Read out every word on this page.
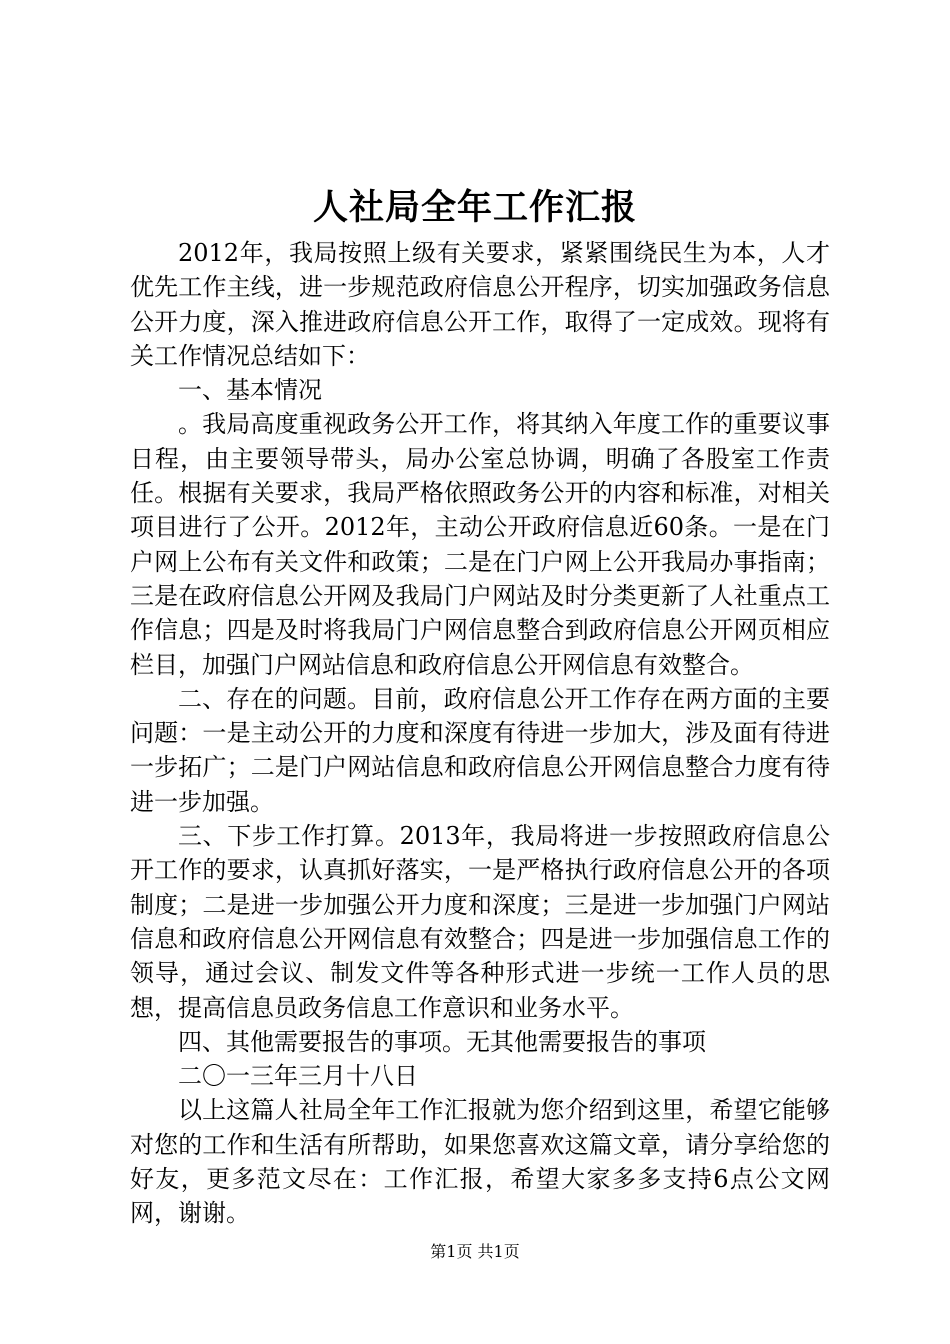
人社局全年工作汇报

2012年，我局按照上级有关要求，紧紧围绕民生为本，人才优先工作主线，进一步规范政府信息公开程序，切实加强政务信息公开力度，深入推进政府信息公开工作，取得了一定成效。现将有关工作情况总结如下：

一、基本情况

。我局高度重视政务公开工作，将其纳入年度工作的重要议事日程，由主要领导带头，局办公室总协调，明确了各股室工作责任。根据有关要求，我局严格依照政务公开的内容和标准，对相关项目进行了公开。2012年，主动公开政府信息近60条。一是在门户网上公布有关文件和政策；二是在门户网上公开我局办事指南；三是在政府信息公开网及我局门户网站及时分类更新了人社重点工作信息；四是及时将我局门户网信息整合到政府信息公开网页相应栏目，加强门户网站信息和政府信息公开网信息有效整合。

二、存在的问题。目前，政府信息公开工作存在两方面的主要问题：一是主动公开的力度和深度有待进一步加大，涉及面有待进一步拓广；二是门户网站信息和政府信息公开网信息整合力度有待进一步加强。

三、下步工作打算。2013年，我局将进一步按照政府信息公开工作的要求，认真抓好落实，一是严格执行政府信息公开的各项制度；二是进一步加强公开力度和深度；三是进一步加强门户网站信息和政府信息公开网信息有效整合；四是进一步加强信息工作的领导，通过会议、制发文件等各种形式进一步统一工作人员的思想，提高信息员政务信息工作意识和业务水平。

四、其他需要报告的事项。无其他需要报告的事项

二〇一三年三月十八日

以上这篇人社局全年工作汇报就为您介绍到这里，希望它能够对您的工作和生活有所帮助，如果您喜欢这篇文章，请分享给您的好友，更多范文尽在：工作汇报，希望大家多多支持6点公文网网，谢谢。

第1页 共1页
